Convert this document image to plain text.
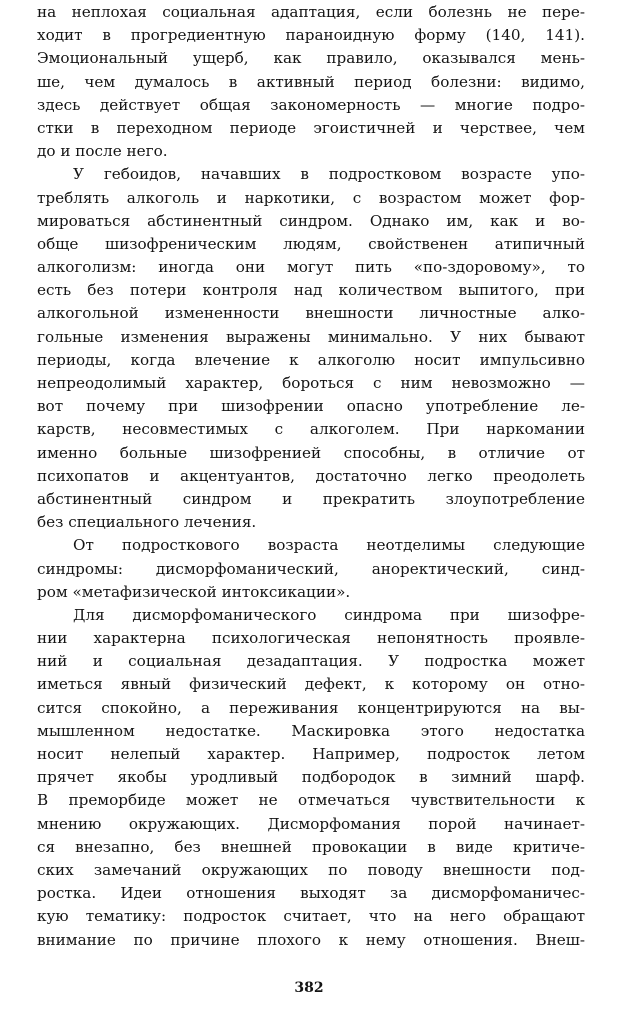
на неплохая социальная адаптация, если болезнь не пере-
ходит в прогредиентную параноидную форму (140, 141).
Эмоциональный ущерб, как правило, оказывался мень-
ше, чем думалось в активный период болезни: видимо,
здесь действует общая закономерность — многие подро-
стки в переходном периоде эгоистичней и черствее, чем
до и после него.
У гебоидов, начавших в подростковом возрасте упо-
треблять алкоголь и наркотики, с возрастом может фор-
мироваться абстинентный синдром. Однако им, как и во-
обще шизофреническим людям, свойственен атипичный
алкоголизм: иногда они могут пить «по-здоровому», то
есть без потери контроля над количеством выпитого, при
алкогольной измененности внешности личностные алко-
гольные изменения выражены минимально. У них бывают
периоды, когда влечение к алкоголю носит импульсивно
непреодолимый характер, бороться с ним невозможно —
вот почему при шизофрении опасно употребление ле-
карств, несовместимых с алкоголем. При наркомании
именно больные шизофренией способны, в отличие от
психопатов и акцентуантов, достаточно легко преодолеть
абстинентный синдром и прекратить злоупотребление
без специального лечения.
От подросткового возраста неотделимы следующие
синдромы: дисморфоманический, аноректический, синд-
ром «метафизической интоксикации».
Для дисморфоманического синдрома при шизофре-
нии характерна психологическая непонятность проявле-
ний и социальная дезадаптация. У подростка может
иметься явный физический дефект, к которому он отно-
сится спокойно, а переживания концентрируются на вы-
мышленном недостатке. Маскировка этого недостатка
носит нелепый характер. Например, подросток летом
прячет якобы уродливый подбородок в зимний шарф.
В преморбиде может не отмечаться чувствительности к
мнению окружающих. Дисморфомания порой начинает-
ся внезапно, без внешней провокации в виде критиче-
ских замечаний окружающих по поводу внешности под-
ростка. Идеи отношения выходят за дисморфоманичес-
кую тематику: подросток считает, что на него обращают
внимание по причине плохого к нему отношения. Внеш-
382
